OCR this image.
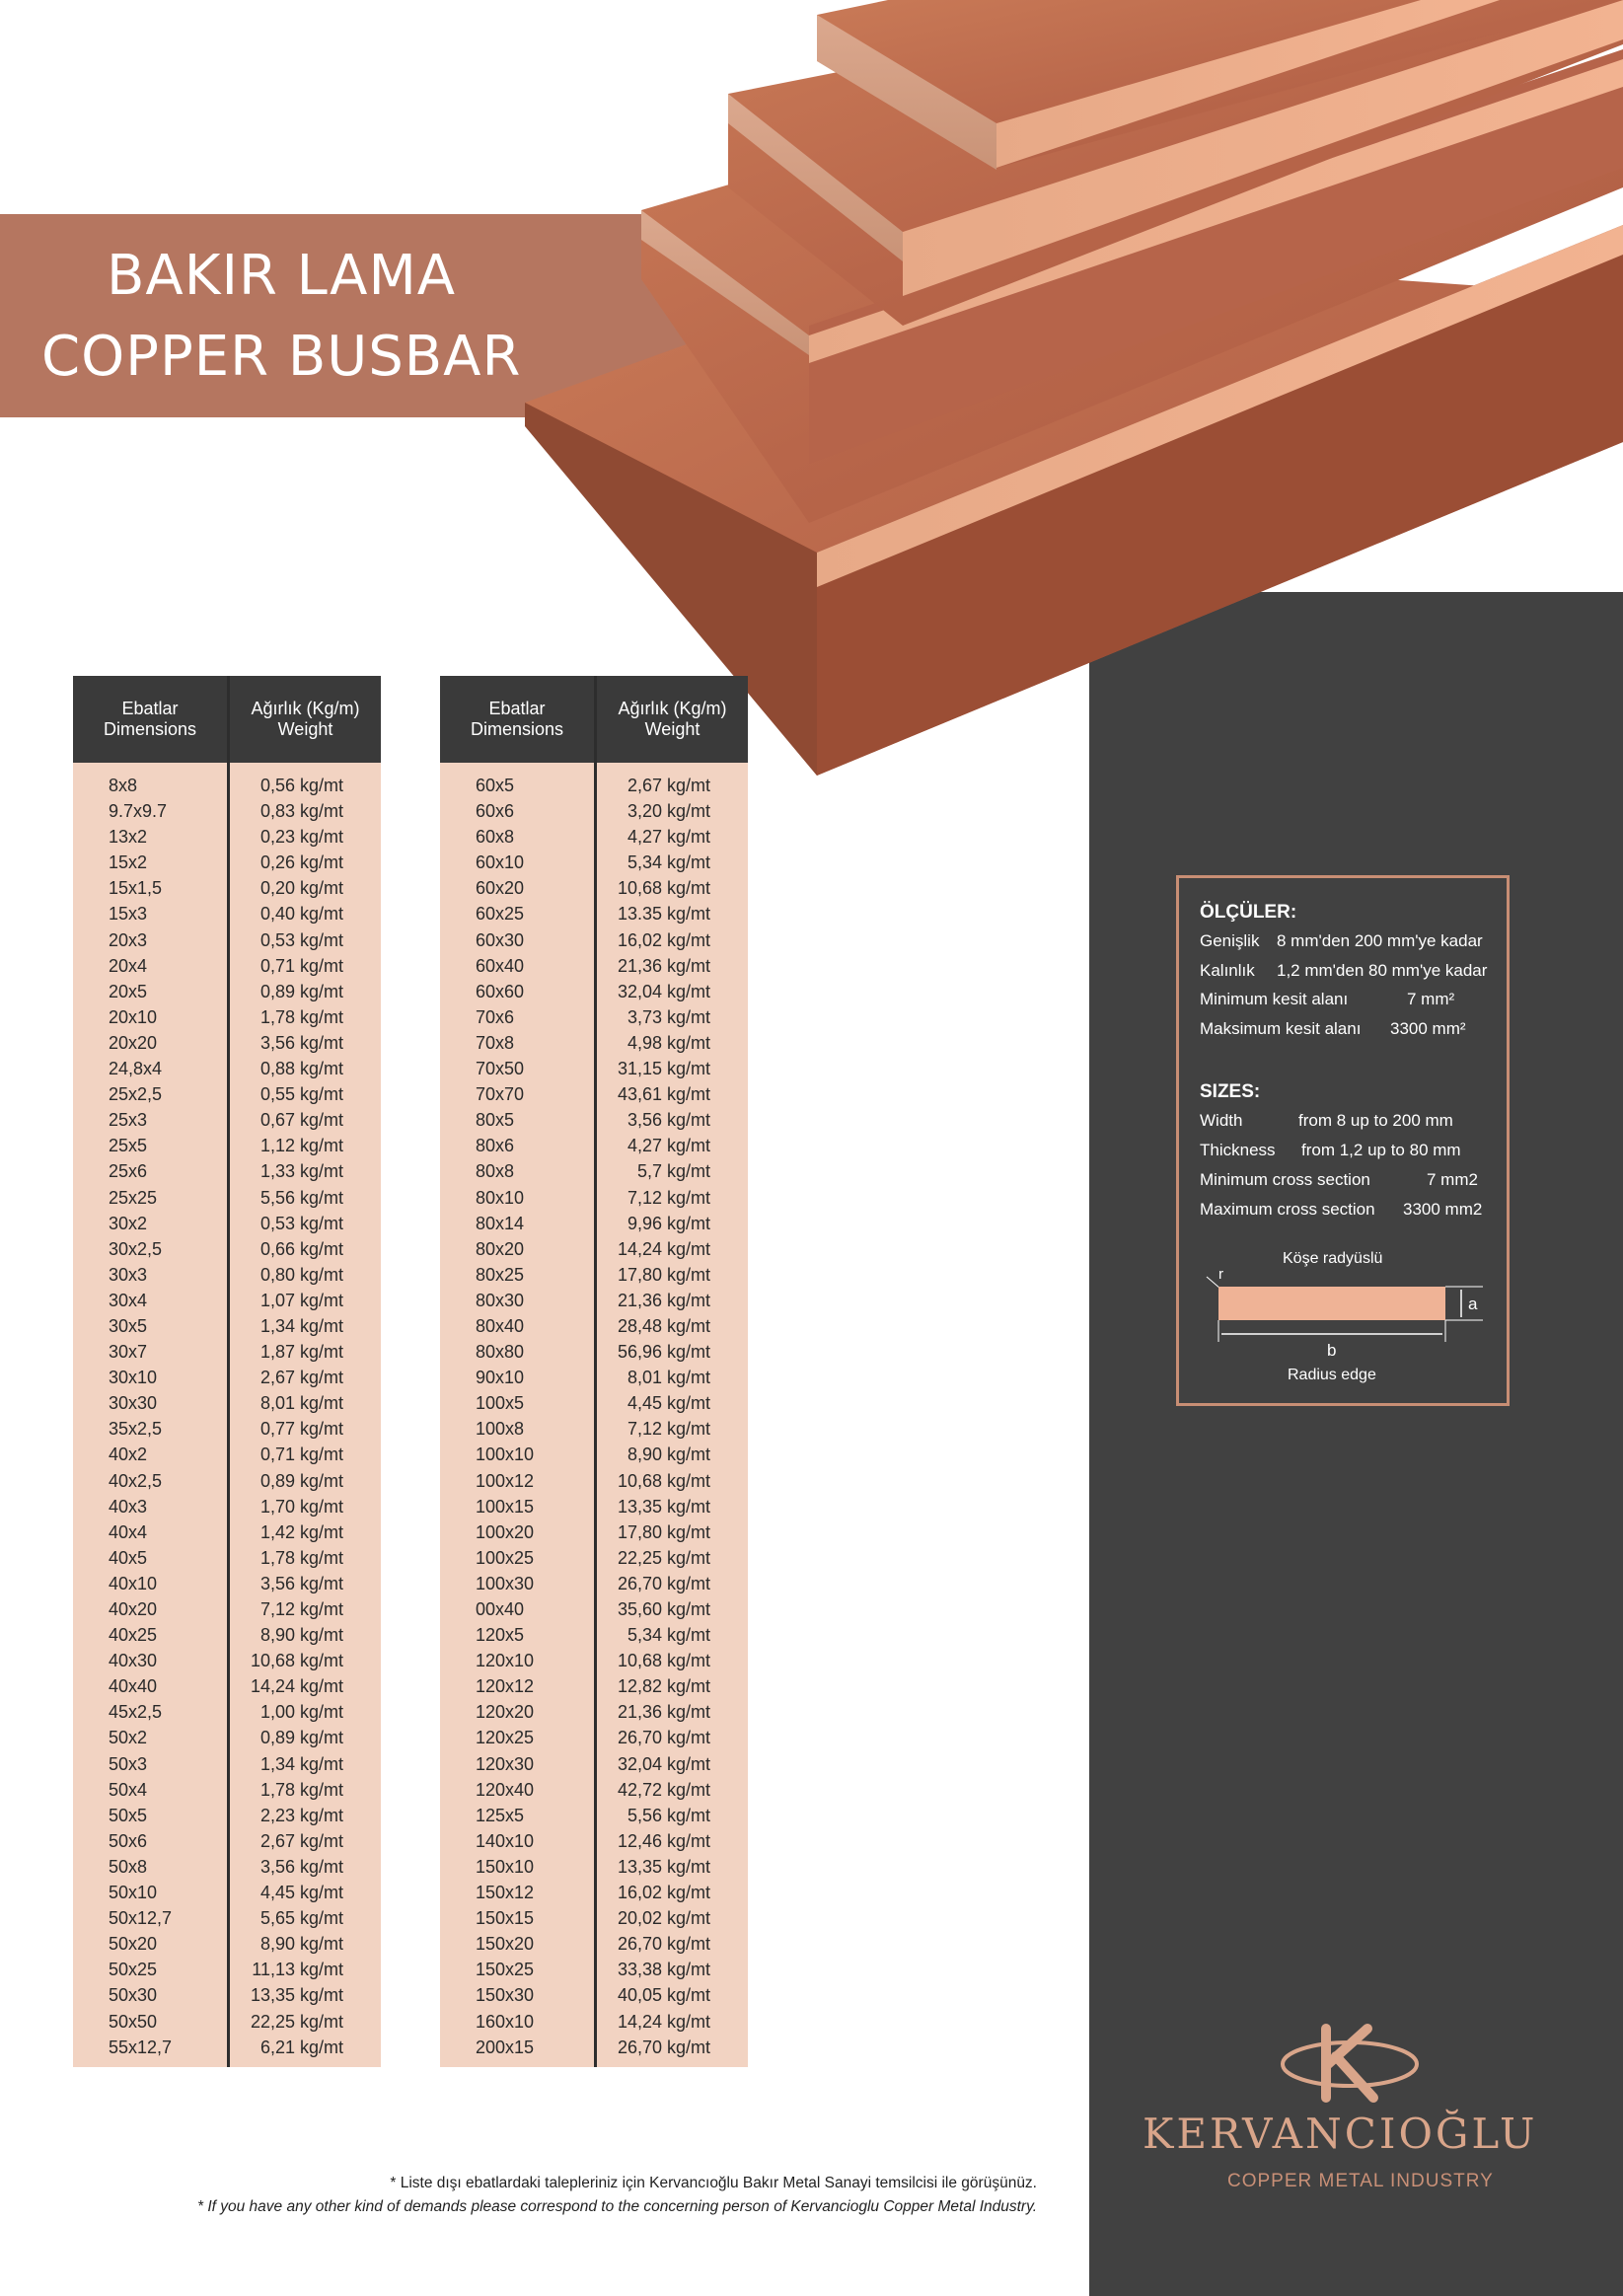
BAKIR LAMA
COPPER BUSBAR
Ebatlar
Dimensions
Ağırlık (Kg/m)
Weight
8x8	0,56 kg/mt
9.7x9.7	0,83 kg/mt
13x2	0,23 kg/mt
15x2	0,26 kg/mt
15x1,5	0,20 kg/mt
15x3	0,40 kg/mt
20x3	0,53 kg/mt
20x4	0,71 kg/mt
20x5	0,89 kg/mt
20x10	1,78 kg/mt
20x20	3,56 kg/mt
24,8x4	0,88 kg/mt
25x2,5	0,55 kg/mt
25x3	0,67 kg/mt
25x5	1,12 kg/mt
25x6	1,33 kg/mt
25x25	5,56 kg/mt
30x2	0,53 kg/mt
30x2,5	0,66 kg/mt
30x3	0,80 kg/mt
30x4	1,07 kg/mt
30x5	1,34 kg/mt
30x7	1,87 kg/mt
30x10	2,67 kg/mt
30x30	8,01 kg/mt
35x2,5	0,77 kg/mt
40x2	0,71 kg/mt
40x2,5	0,89 kg/mt
40x3	1,70 kg/mt
40x4	1,42 kg/mt
40x5	1,78 kg/mt
40x10	3,56 kg/mt
40x20	7,12 kg/mt
40x25	8,90 kg/mt
40x30	10,68 kg/mt
40x40	14,24 kg/mt
45x2,5	1,00 kg/mt
50x2	0,89 kg/mt
50x3	1,34 kg/mt
50x4	1,78 kg/mt
50x5	2,23 kg/mt
50x6	2,67 kg/mt
50x8	3,56 kg/mt
50x10	4,45 kg/mt
50x12,7	5,65 kg/mt
50x20	8,90 kg/mt
50x25	11,13 kg/mt
50x30	13,35 kg/mt
50x50	22,25 kg/mt
55x12,7	6,21 kg/mt
Ebatlar
Dimensions
Ağırlık (Kg/m)
Weight
60x5	2,67 kg/mt
60x6	3,20 kg/mt
60x8	4,27 kg/mt
60x10	5,34 kg/mt
60x20	10,68 kg/mt
60x25	13.35 kg/mt
60x30	16,02 kg/mt
60x40	21,36 kg/mt
60x60	32,04 kg/mt
70x6	3,73 kg/mt
70x8	4,98 kg/mt
70x50	31,15 kg/mt
70x70	43,61 kg/mt
80x5	3,56 kg/mt
80x6	4,27 kg/mt
80x8	5,7 kg/mt
80x10	7,12 kg/mt
80x14	9,96 kg/mt
80x20	14,24 kg/mt
80x25	17,80 kg/mt
80x30	21,36 kg/mt
80x40	28,48 kg/mt
80x80	56,96 kg/mt
90x10	8,01 kg/mt
100x5	4,45 kg/mt
100x8	7,12 kg/mt
100x10	8,90 kg/mt
100x12	10,68 kg/mt
100x15	13,35 kg/mt
100x20	17,80 kg/mt
100x25	22,25 kg/mt
100x30	26,70 kg/mt
00x40	35,60 kg/mt
120x5	5,34 kg/mt
120x10	10,68 kg/mt
120x12	12,82 kg/mt
120x20	21,36 kg/mt
120x25	26,70 kg/mt
120x30	32,04 kg/mt
120x40	42,72 kg/mt
125x5	5,56 kg/mt
140x10	12,46 kg/mt
150x10	13,35 kg/mt
150x12	16,02 kg/mt
150x15	20,02 kg/mt
150x20	26,70 kg/mt
150x25	33,38 kg/mt
150x30	40,05 kg/mt
160x10	14,24 kg/mt
200x15	26,70 kg/mt
ÖLÇÜLER:
Genişlik 8 mm'den 200 mm'ye kadar
Kalınlık 1,2 mm'den 80 mm'ye kadar
Minimum kesit alanı	7 mm²
Maksimum kesit alanı 3300 mm²
SIZES:
Width	from 8 up to 200 mm
Thickness from 1,2 up to 80 mm
Minimum cross section	7 mm2
Maximum cross section 3300 mm2
Köşe radyüslü
r
a
b
Radius edge
* Liste dışı ebatlardaki talepleriniz için Kervancıoğlu Bakır Metal Sanayi temsilcisi ile görüşünüz.
* If you have any other kind of demands please correspond to the concerning person of Kervancioglu Copper Metal Industry.
KERVANCIOĞLU
COPPER METAL INDUSTRY
